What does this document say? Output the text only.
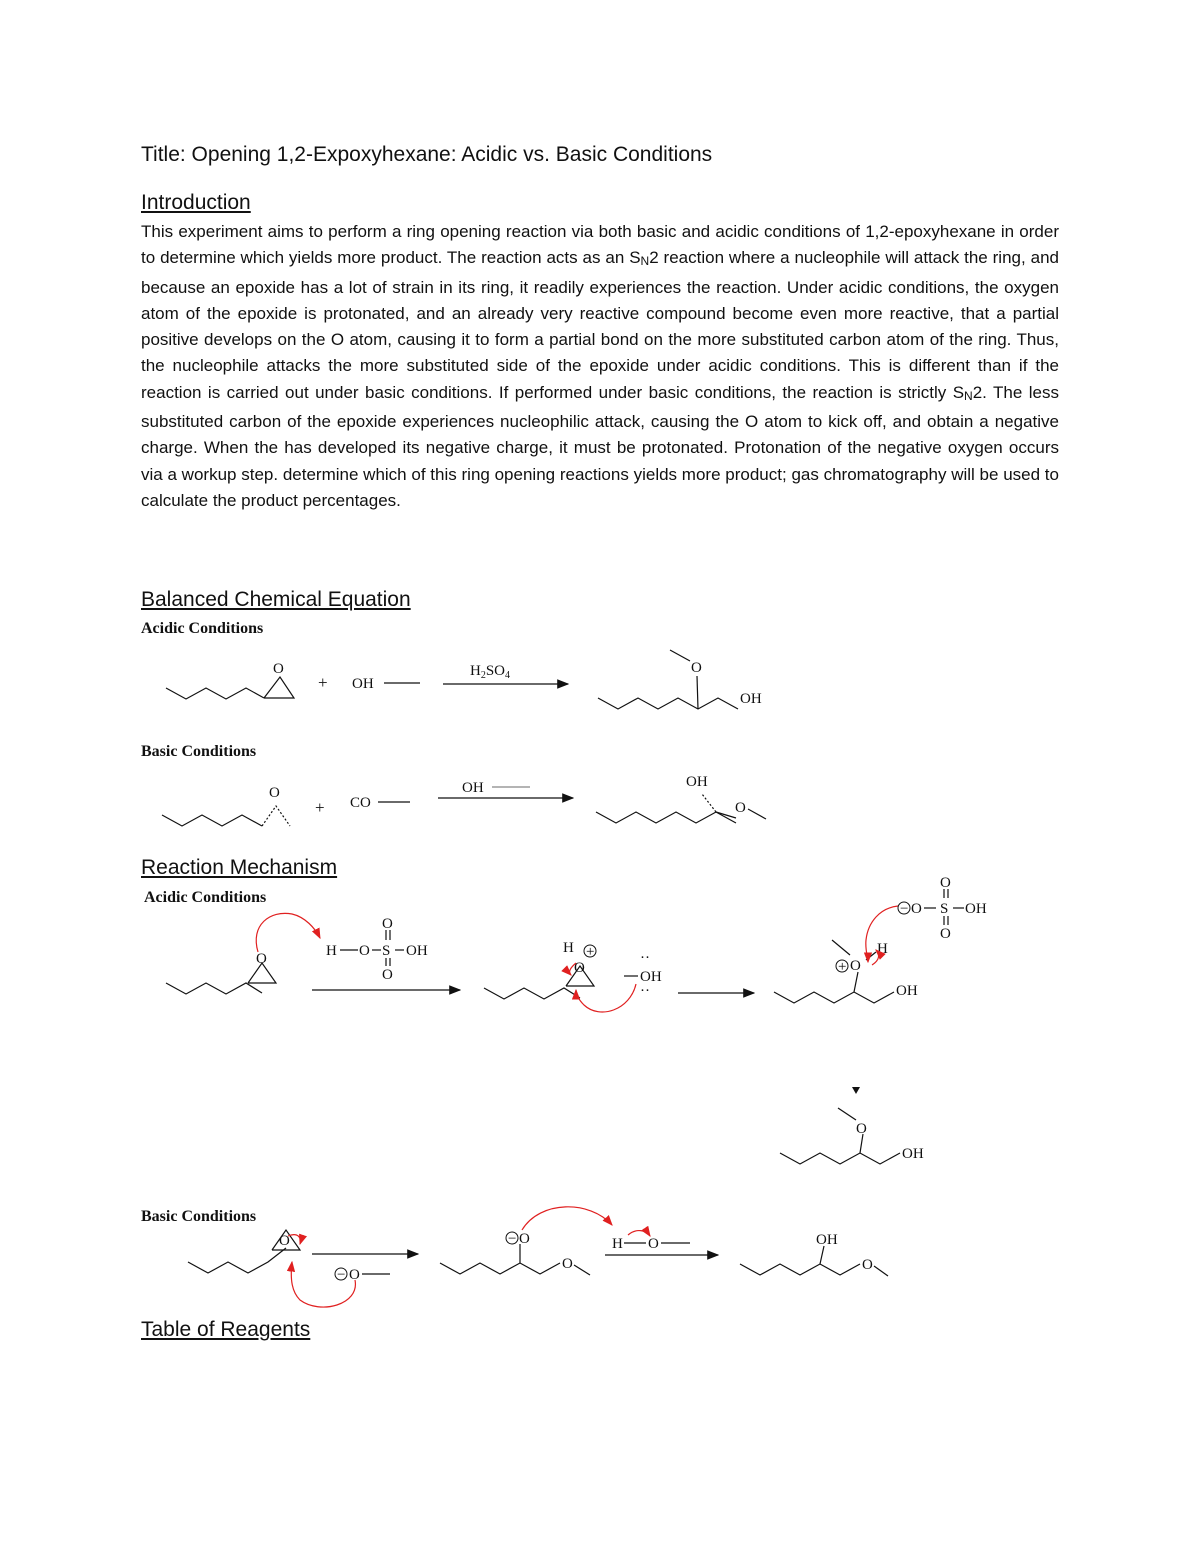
Title: Opening 1,2-Expoxyhexane: Acidic vs. Basic Conditions
Introduction
This experiment aims to perform a ring opening reaction via both basic and acidic conditions of 1,2-epoxyhexane in order to determine which yields more product. The reaction acts as an SN2 reaction where a nucleophile will attack the ring, and because an epoxide has a lot of strain in its ring, it readily experiences the reaction. Under acidic conditions, the oxygen atom of the epoxide is protonated, and an already very reactive compound become even more reactive, that a partial positive develops on the O atom, causing it to form a partial bond on the more substituted carbon atom of the ring. Thus, the nucleophile attacks the more substituted side of the epoxide under acidic conditions. This is different than if the reaction is carried out under basic conditions. If performed under basic conditions, the reaction is strictly SN2. The less substituted carbon of the epoxide experiences nucleophilic attack, causing the O atom to kick off, and obtain a negative charge. When the has developed its negative charge, it must be protonated. Protonation of the negative oxygen occurs via a workup step. determine which of this ring opening reactions yields more product; gas chromatography will be used to calculate the product percentages.
Balanced Chemical Equation
Acidic Conditions
Basic Conditions
Reaction Mechanism
Acidic Conditions
Basic Conditions
Table of Reagents
O
+ OH
$H_2SO_4$	O
OH
O
+ CO
OH	OH
O
O	H O S OH
O
O
H +
O
··
OH
··	OH
O
+
H
− O S OH
O
O
OH
O
O
− O
− O
O
H O	OH
O
